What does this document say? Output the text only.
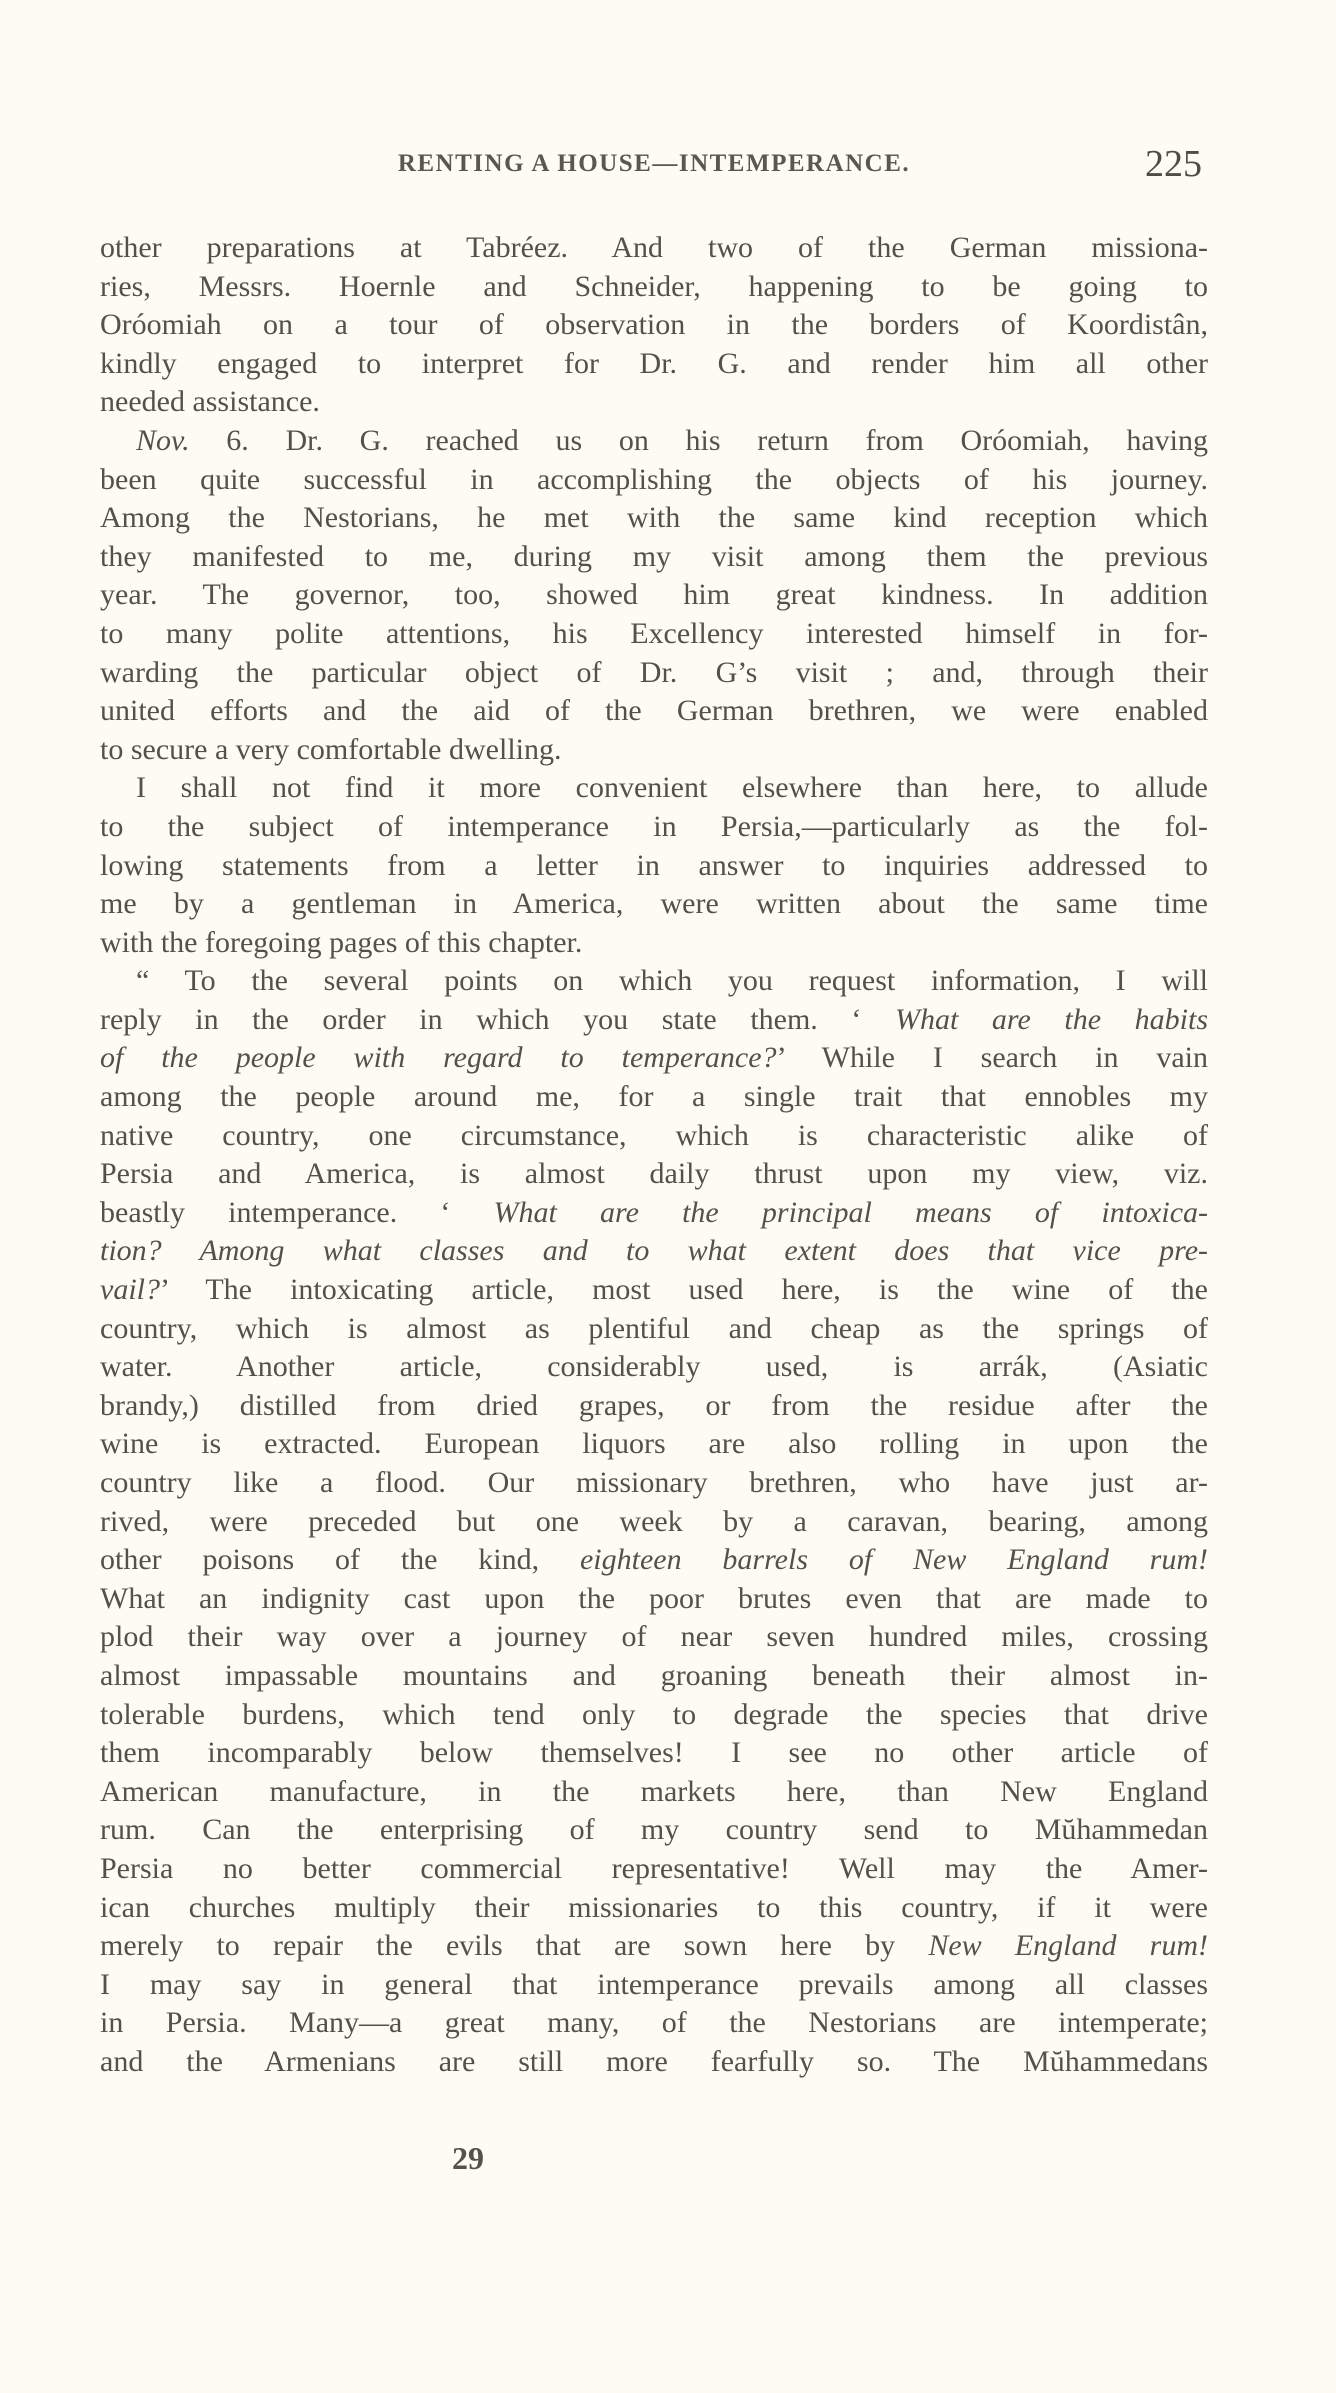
RENTING A HOUSE—INTEMPERANCE.	225
other preparations at Tabréez. And two of the German missiona-
ries, Messrs. Hoernle and Schneider, happening to be going to
Oróomiah on a tour of observation in the borders of Koordistân,
kindly engaged to interpret for Dr. G. and render him all other
needed assistance.
Nov. 6. Dr. G. reached us on his return from Oróomiah, having
been quite successful in accomplishing the objects of his journey.
Among the Nestorians, he met with the same kind reception which
they manifested to me, during my visit among them the previous
year. The governor, too, showed him great kindness. In addition
to many polite attentions, his Excellency interested himself in for-
warding the particular object of Dr. G’s visit ; and, through their
united efforts and the aid of the German brethren, we were enabled
to secure a very comfortable dwelling.
I shall not find it more convenient elsewhere than here, to allude
to the subject of intemperance in Persia,—particularly as the fol-
lowing statements from a letter in answer to inquiries addressed to
me by a gentleman in America, were written about the same time
with the foregoing pages of this chapter.
“ To the several points on which you request information, I will
reply in the order in which you state them. ‘ What are the habits
of the people with regard to temperance?’ While I search in vain
among the people around me, for a single trait that ennobles my
native country, one circumstance, which is characteristic alike of
Persia and America, is almost daily thrust upon my view, viz.
beastly intemperance. ‘ What are the principal means of intoxica-
tion? Among what classes and to what extent does that vice pre-
vail?’ The intoxicating article, most used here, is the wine of the
country, which is almost as plentiful and cheap as the springs of
water. Another article, considerably used, is arrák, (Asiatic
brandy,) distilled from dried grapes, or from the residue after the
wine is extracted. European liquors are also rolling in upon the
country like a flood. Our missionary brethren, who have just ar-
rived, were preceded but one week by a caravan, bearing, among
other poisons of the kind, eighteen barrels of New England rum!
What an indignity cast upon the poor brutes even that are made to
plod their way over a journey of near seven hundred miles, crossing
almost impassable mountains and groaning beneath their almost in-
tolerable burdens, which tend only to degrade the species that drive
them incomparably below themselves! I see no other article of
American manufacture, in the markets here, than New England
rum. Can the enterprising of my country send to Mŭhammedan
Persia no better commercial representative! Well may the Amer-
ican churches multiply their missionaries to this country, if it were
merely to repair the evils that are sown here by New England rum!
I may say in general that intemperance prevails among all classes
in Persia. Many—a great many, of the Nestorians are intemperate;
and the Armenians are still more fearfully so. The Mŭhammedans
29
